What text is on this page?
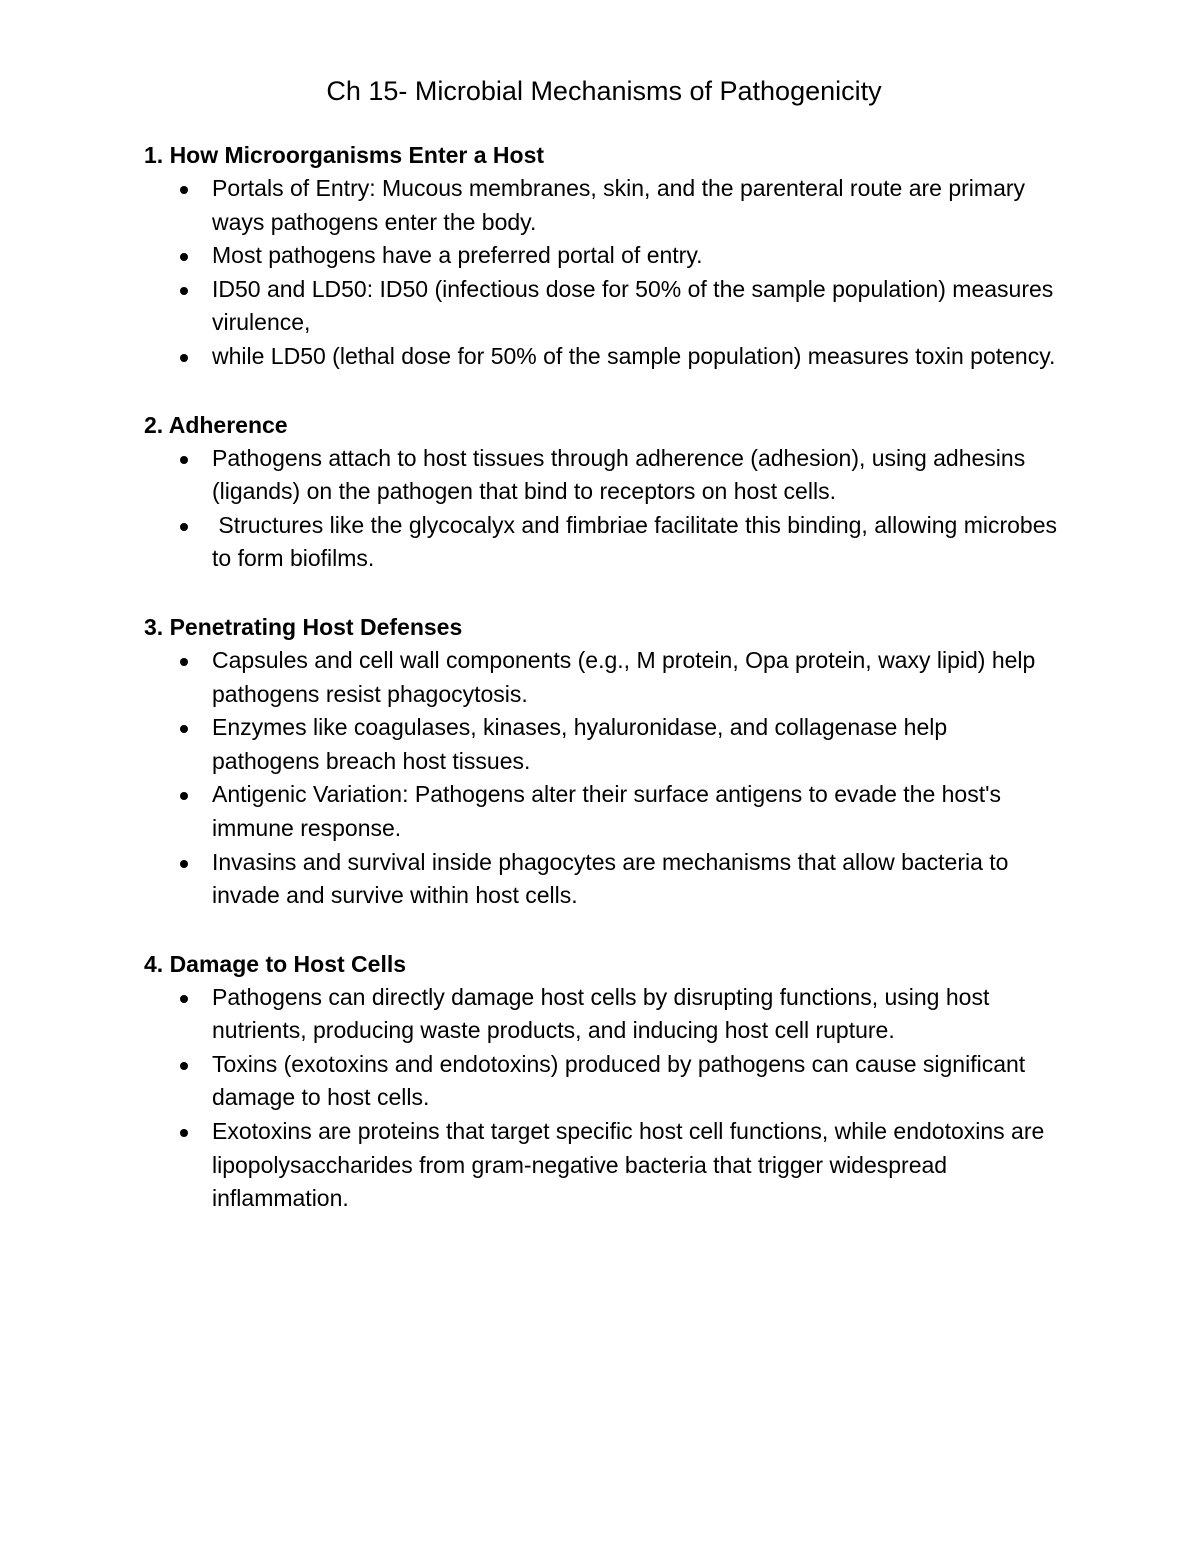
Ch 15- Microbial Mechanisms of Pathogenicity
1. How Microorganisms Enter a Host
Portals of Entry: Mucous membranes, skin, and the parenteral route are primary ways pathogens enter the body.
Most pathogens have a preferred portal of entry.
ID50 and LD50: ID50 (infectious dose for 50% of the sample population) measures virulence,
while LD50 (lethal dose for 50% of the sample population) measures toxin potency.
2. Adherence
Pathogens attach to host tissues through adherence (adhesion), using adhesins (ligands) on the pathogen that bind to receptors on host cells.
Structures like the glycocalyx and fimbriae facilitate this binding, allowing microbes to form biofilms.
3. Penetrating Host Defenses
Capsules and cell wall components (e.g., M protein, Opa protein, waxy lipid) help pathogens resist phagocytosis.
Enzymes like coagulases, kinases, hyaluronidase, and collagenase help pathogens breach host tissues.
Antigenic Variation: Pathogens alter their surface antigens to evade the host's immune response.
Invasins and survival inside phagocytes are mechanisms that allow bacteria to invade and survive within host cells.
4. Damage to Host Cells
Pathogens can directly damage host cells by disrupting functions, using host nutrients, producing waste products, and inducing host cell rupture.
Toxins (exotoxins and endotoxins) produced by pathogens can cause significant damage to host cells.
Exotoxins are proteins that target specific host cell functions, while endotoxins are lipopolysaccharides from gram-negative bacteria that trigger widespread inflammation.
